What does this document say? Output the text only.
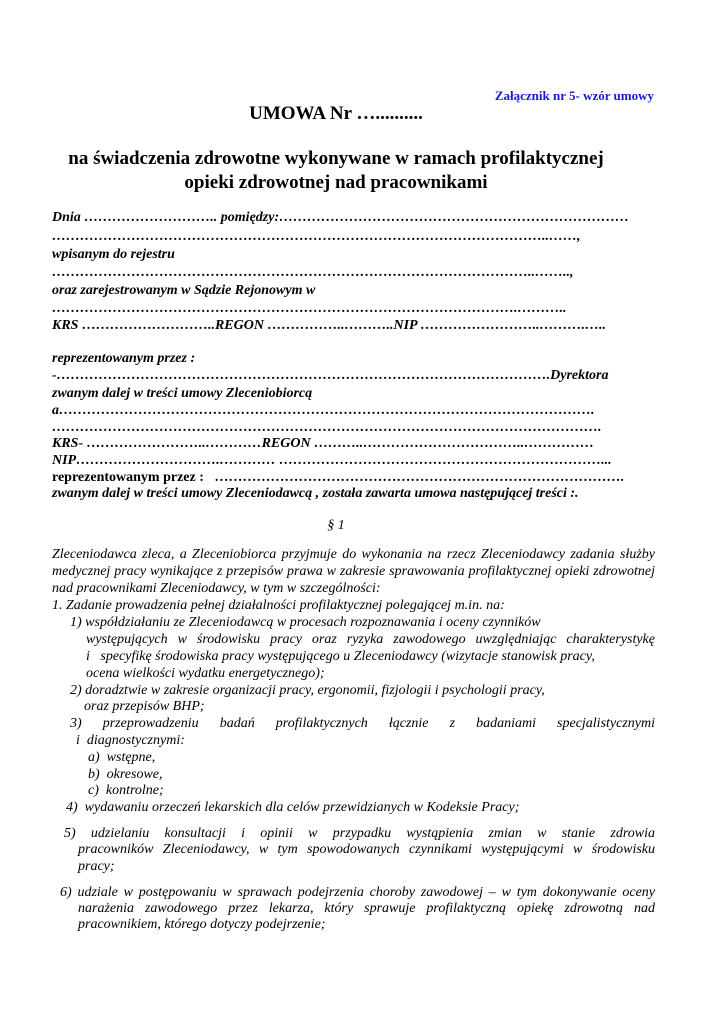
Załącznik nr 5- wzór umowy
UMOWA Nr …..........
na świadczenia zdrowotne wykonywane w ramach profilaktycznej
opieki zdrowotnej nad pracownikami
Dnia ……………………….. pomiędzy:…………………………………………………………………
……………………………………………………………………………………………..……,
wpisanym do rejestru
…………………………………………………………………………………………..……..,
oraz zarejestrowanym w Sądzie Rejonowym w
……………………………………………………………………………………….………..
KRS ………………………..REGON ……………..………..NIP ……………………..……….…..
reprezentowanym przez :
-…………………………………………………………………………………………….Dyrektora
zwanym dalej w treści umowy Zleceniobiorcą
a…………………………………………………………………………………………………….
……………………………………………………………………………………………………….
KRS- ……………………..…………REGON ………..……………………………..……………
NIP………………………….………… ……………………………………………………………...
reprezentowanym przez :   …………………………………………………………………………….
zwanym dalej w treści umowy Zleceniodawcą , została zawarta umowa następującej treści :.
§ 1
Zleceniodawca zleca, a Zleceniobiorca przyjmuje do wykonania na rzecz Zleceniodawcy zadania służby medycznej pracy wynikające z przepisów prawa w zakresie sprawowania profilaktycznej opieki zdrowotnej nad pracownikami Zleceniodawcy, w tym w szczególności:
1. Zadanie prowadzenia pełnej działalności profilaktycznej polegającej m.in. na:
1) współdziałaniu ze Zleceniodawcą w procesach rozpoznawania i oceny czynników
występujących w środowisku pracy oraz ryzyka zawodowego uwzględniając charakterystykę
i   specyfikę środowiska pracy występującego u Zleceniodawcy (wizytacje stanowisk pracy,
ocena wielkości wydatku energetycznego);
2) doradztwie w zakresie organizacji pracy, ergonomii, fizjologii i psychologii pracy,
oraz przepisów BHP;
3) przeprowadzeniu badań profilaktycznych łącznie z badaniami specjalistycznymi
i  diagnostycznymi:
a)  wstępne,
b)  okresowe,
c)  kontrolne;
4)  wydawaniu orzeczeń lekarskich dla celów przewidzianych w Kodeksie Pracy;
5) udzielaniu konsultacji i opinii w przypadku wystąpienia zmian w stanie zdrowia
pracowników Zleceniodawcy, w tym spowodowanych czynnikami występującymi w środowisku
pracy;
6) udziale w postępowaniu w sprawach podejrzenia choroby zawodowej – w tym dokonywanie oceny
narażenia zawodowego przez lekarza, który sprawuje profilaktyczną opiekę zdrowotną nad
pracownikiem, którego dotyczy podejrzenie;
